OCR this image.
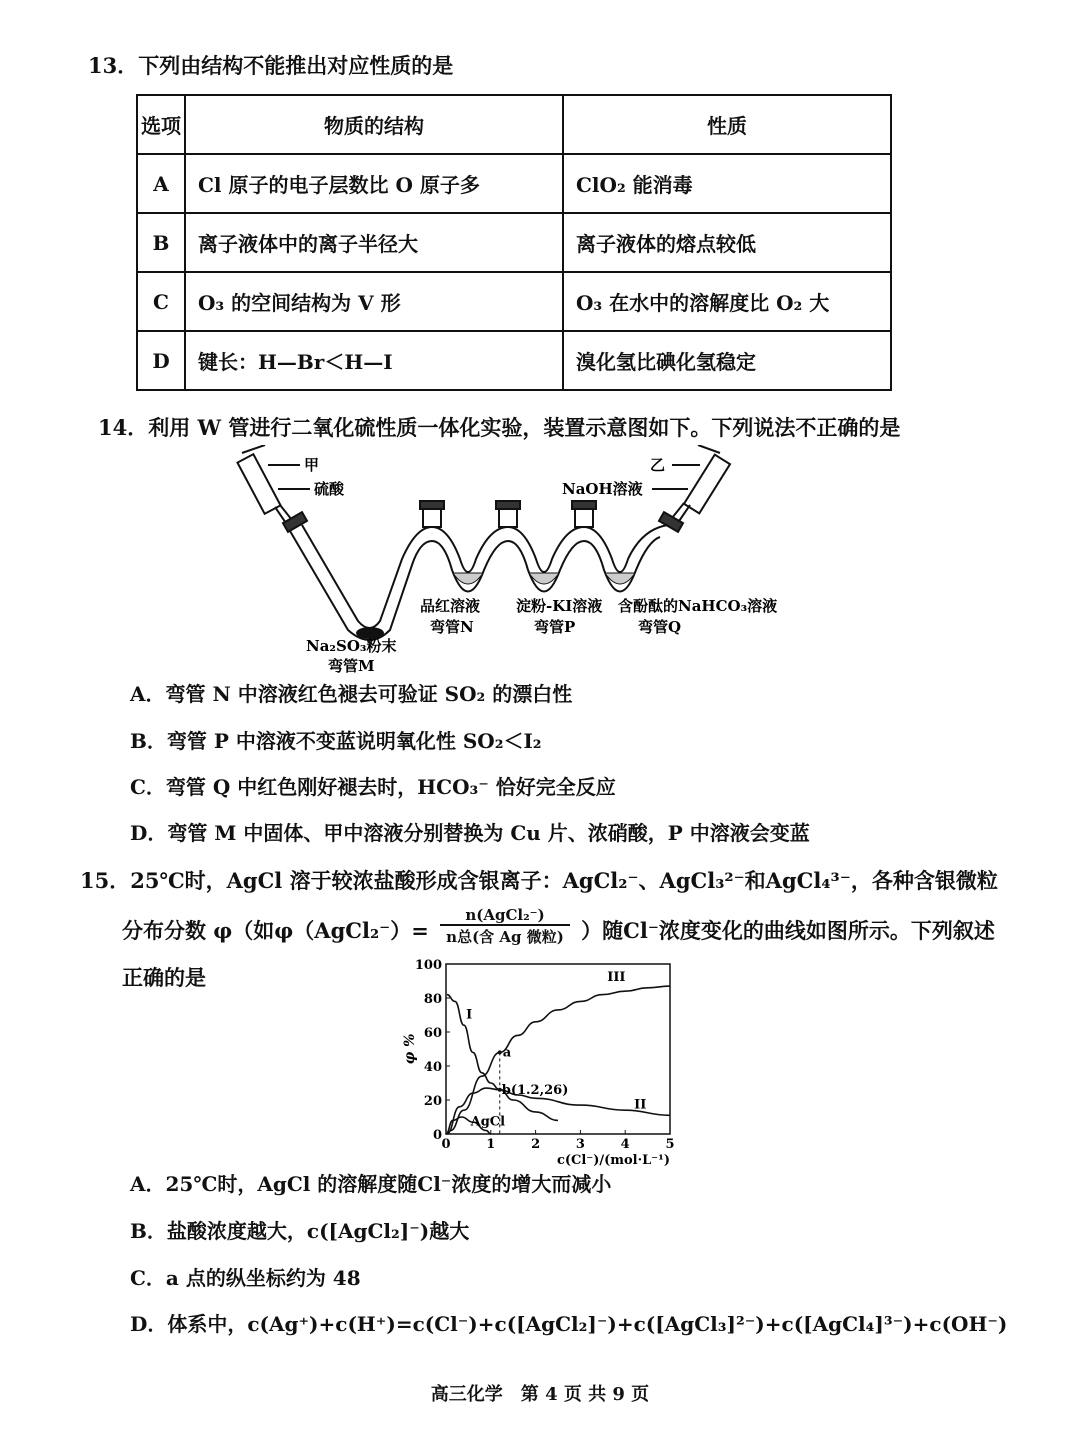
13．下列由结构不能推出对应性质的是
选项	物质的结构	性质
A	Cl 原子的电子层数比 O 原子多	ClO₂ 能消毒
B	离子液体中的离子半径大	离子液体的熔点较低
C	O₃ 的空间结构为 V 形	O₃ 在水中的溶解度比 O₂ 大
D	键长：H—Br＜H—I	溴化氢比碘化氢稳定
14．利用 W 管进行二氧化硫性质一体化实验，装置示意图如下。下列说法不正确的是
甲
硫酸
乙
NaOH溶液
品红溶液
弯管N
淀粉-KI溶液
弯管P
含酚酞的NaHCO₃溶液
弯管Q
Na₂SO₃粉末
弯管M
A．弯管 N 中溶液红色褪去可验证 SO₂ 的漂白性
B．弯管 P 中溶液不变蓝说明氧化性 SO₂＜I₂
C．弯管 Q 中红色刚好褪去时，HCO₃⁻ 恰好完全反应
D．弯管 M 中固体、甲中溶液分别替换为 Cu 片、浓硝酸，P 中溶液会变蓝
15．25℃时，AgCl 溶于较浓盐酸形成含银离子：AgCl₂⁻、AgCl₃²⁻和AgCl₄³⁻，各种含银微粒
分布分数 φ（如φ（AgCl₂⁻）=
n(AgCl₂⁻)
n总(含 Ag 微粒) ）随Cl⁻浓度变化的曲线如图所示。下列叙述
正确的是
0
20
40
60
80
100
0	1	2	3	4	5
φ %
c(Cl⁻)/(mol·L⁻¹)
I
II
III
AgCl
a
b(1.2,26)
A．25℃时，AgCl 的溶解度随Cl⁻浓度的增大而减小
B．盐酸浓度越大，c([AgCl₂]⁻)越大
C．a 点的纵坐标约为 48
D．体系中，c(Ag⁺)+c(H⁺)=c(Cl⁻)+c([AgCl₂]⁻)+c([AgCl₃]²⁻)+c([AgCl₄]³⁻)+c(OH⁻)
高三化学　第 4 页 共 9 页
